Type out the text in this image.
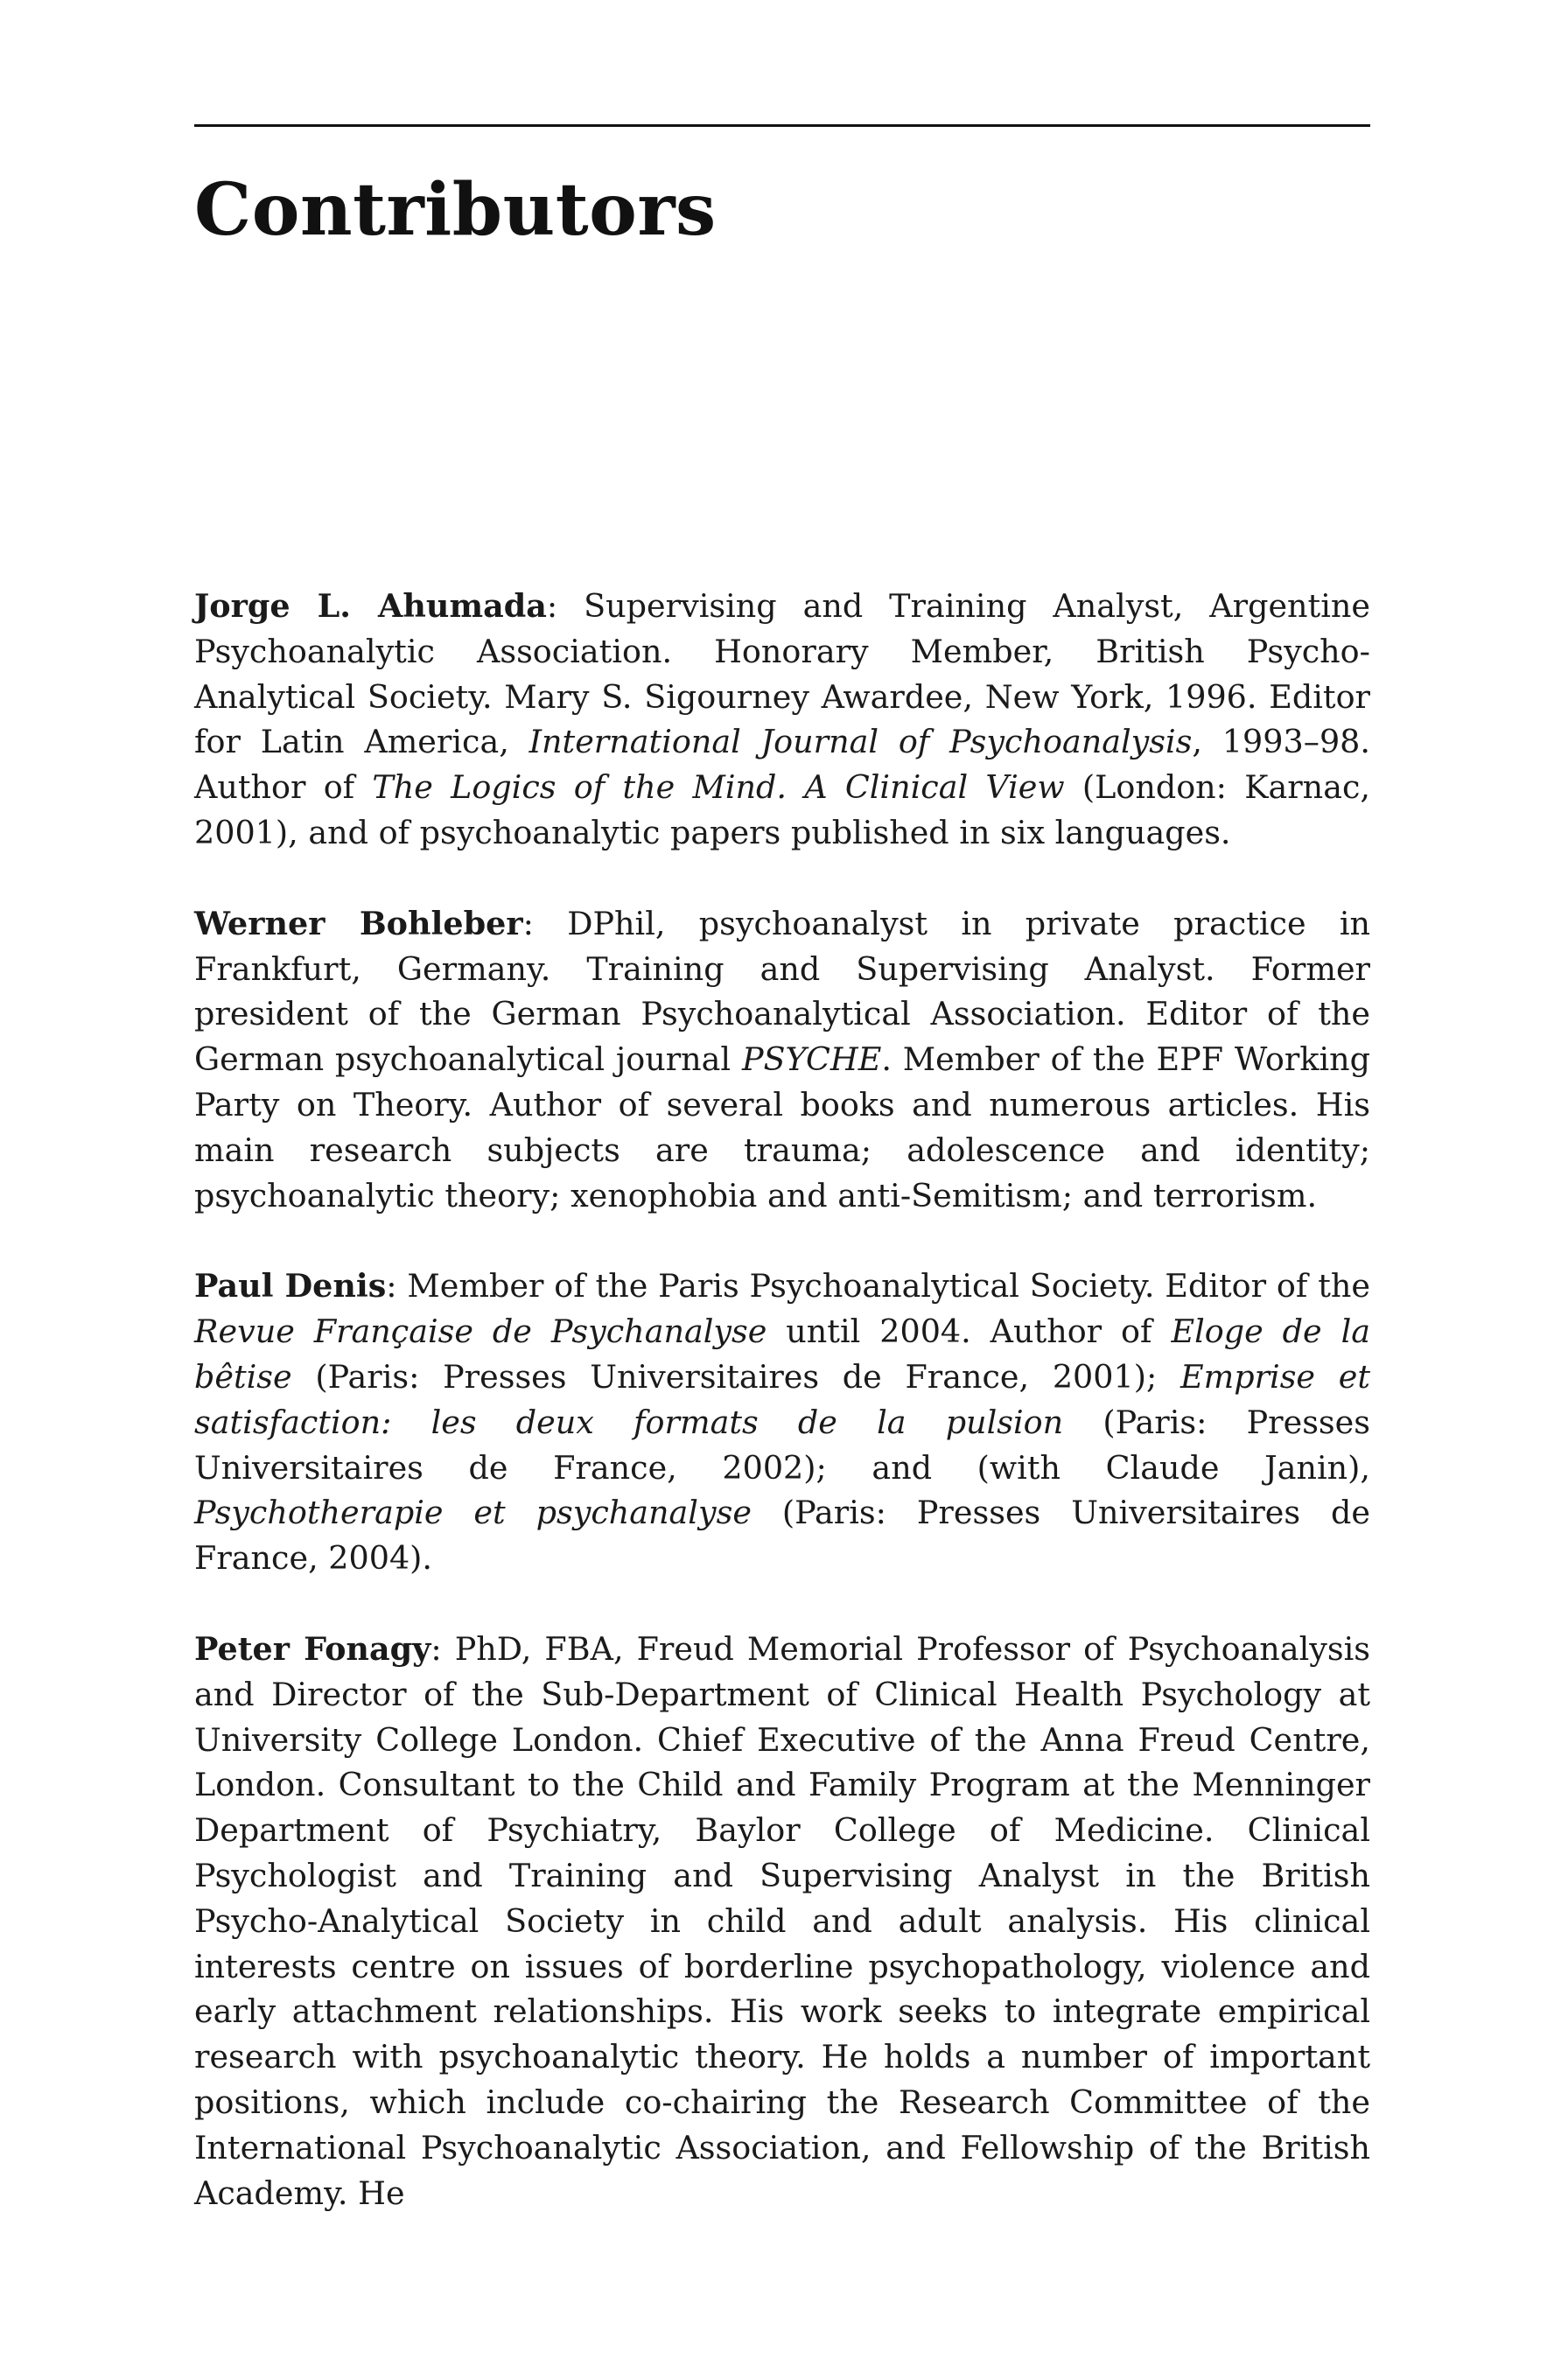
Contributors

Jorge L. Ahumada: Supervising and Training Analyst, Argentine Psychoanalytic Association. Honorary Member, British Psycho-Analytical Society. Mary S. Sigourney Awardee, New York, 1996. Editor for Latin America, International Journal of Psychoanalysis, 1993–98. Author of The Logics of the Mind. A Clinical View (London: Karnac, 2001), and of psychoanalytic papers published in six languages.

Werner Bohleber: DPhil, psychoanalyst in private practice in Frankfurt, Germany. Training and Supervising Analyst. Former president of the German Psychoanalytical Association. Editor of the German psychoanalytical journal PSYCHE. Member of the EPF Working Party on Theory. Author of several books and numerous articles. His main research subjects are trauma; adolescence and identity; psychoanalytic theory; xenophobia and anti-Semitism; and terrorism.

Paul Denis: Member of the Paris Psychoanalytical Society. Editor of the Revue Française de Psychanalyse until 2004. Author of Eloge de la bêtise (Paris: Presses Universitaires de France, 2001); Emprise et satisfaction: les deux formats de la pulsion (Paris: Presses Universitaires de France, 2002); and (with Claude Janin), Psychotherapie et psychanalyse (Paris: Presses Universitaires de France, 2004).

Peter Fonagy: PhD, FBA, Freud Memorial Professor of Psychoanalysis and Director of the Sub-Department of Clinical Health Psychology at University College London. Chief Executive of the Anna Freud Centre, London. Consultant to the Child and Family Program at the Menninger Department of Psychiatry, Baylor College of Medicine. Clinical Psychologist and Training and Supervising Analyst in the British Psycho-Analytical Society in child and adult analysis. His clinical interests centre on issues of borderline psychopathology, violence and early attachment relationships. His work seeks to integrate empirical research with psychoanalytic theory. He holds a number of important positions, which include co-chairing the Research Committee of the International Psychoanalytic Association, and Fellowship of the British Academy. He
